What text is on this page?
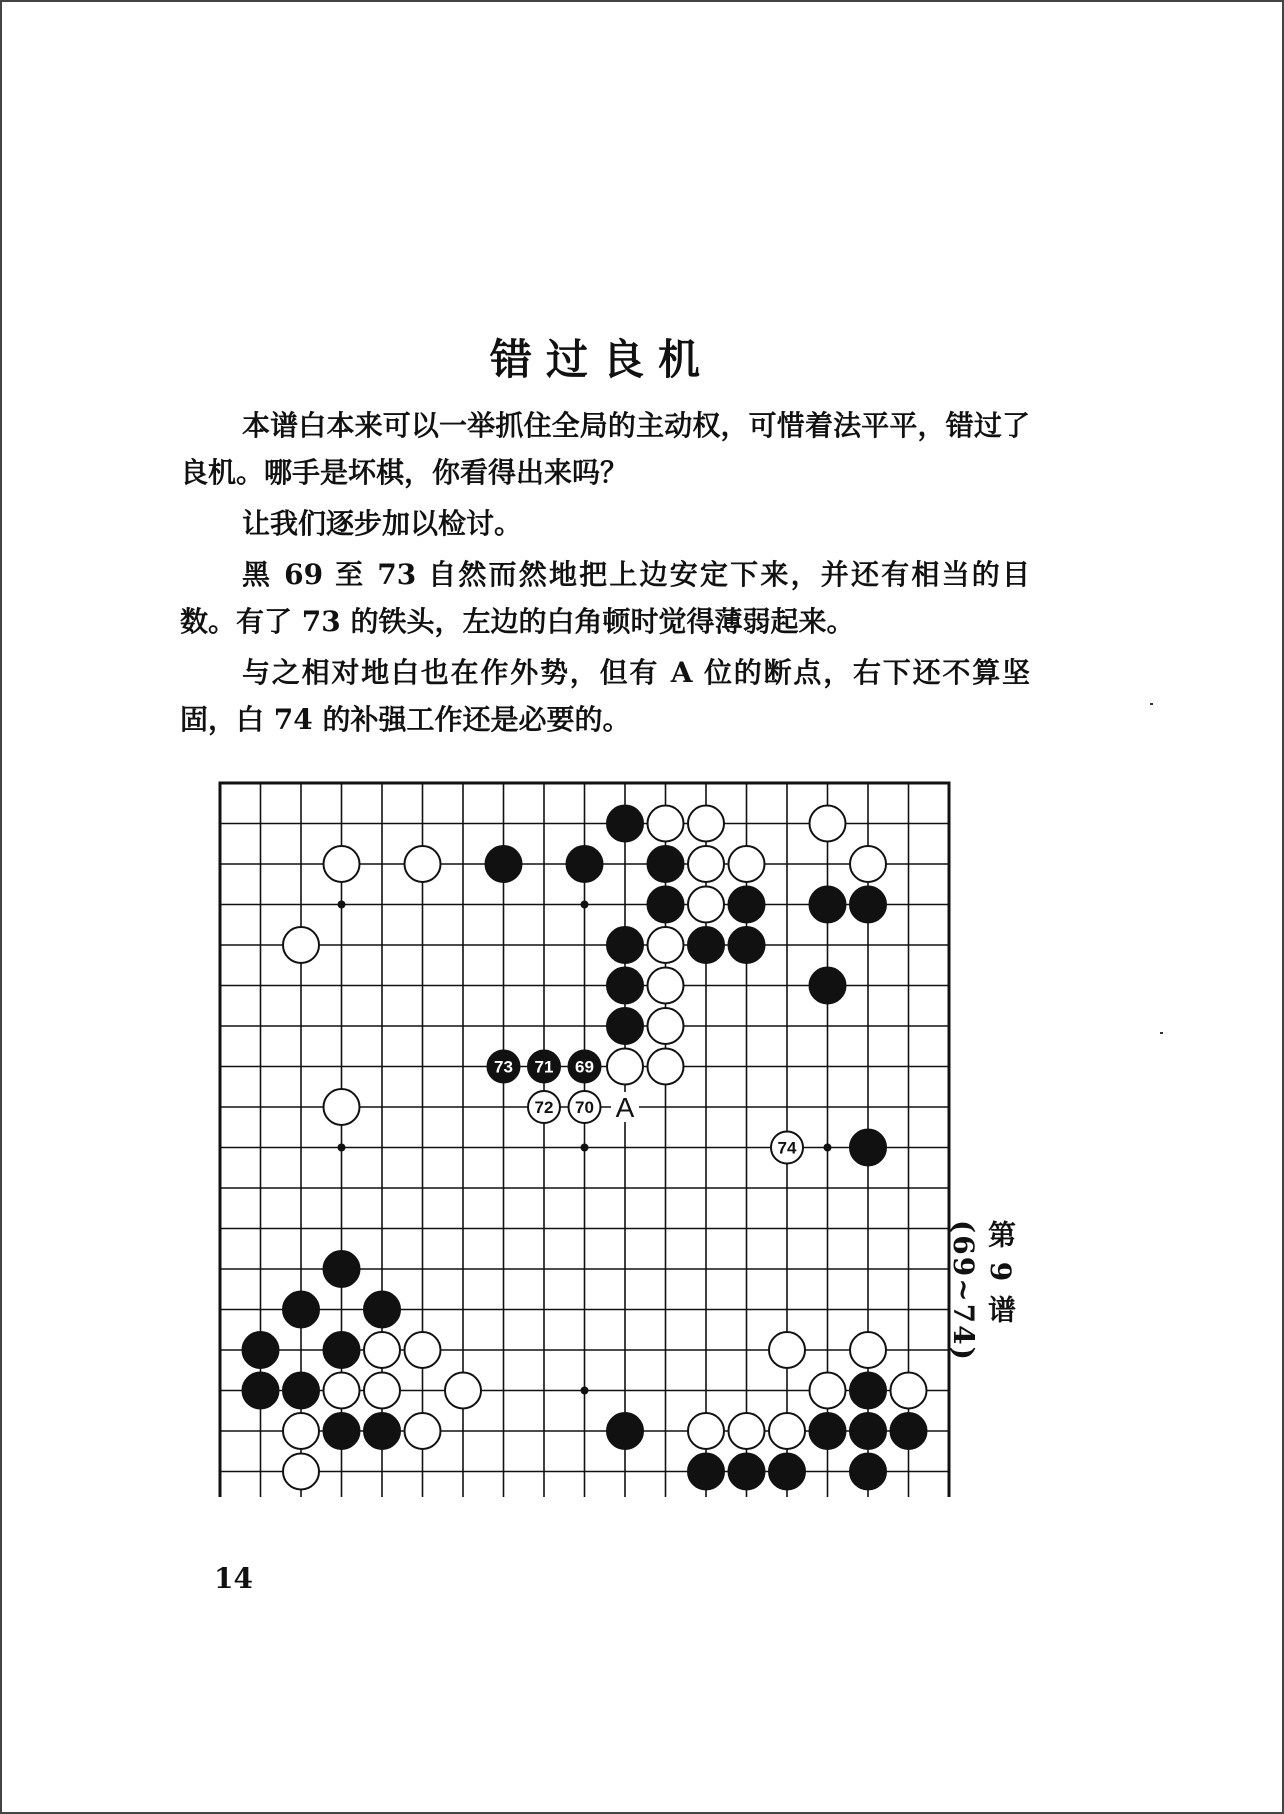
错过良机

本谱白本来可以一举抓住全局的主动权，可惜着法平平，错过了良机。哪手是坏棋，你看得出来吗？

让我们逐步加以检讨。

黑 69 至 73 自然而然地把上边安定下来，并还有相当的目数。有了 73 的铁头，左边的白角顿时觉得薄弱起来。

与之相对地白也在作外势，但有 A 位的断点，右下还不算坚固，白 74 的补强工作还是必要的。

A
73 71 69
72 70
74
第 9 谱 (69~74)
14
